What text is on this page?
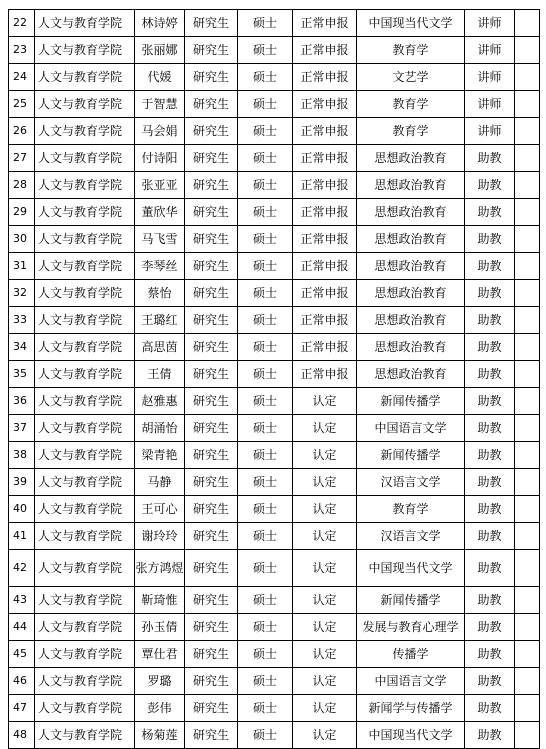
22	人文与教育学院	林诗婷	研究生	硕士	正常申报	中国现当代文学	讲师	
23	人文与教育学院	张丽娜	研究生	硕士	正常申报	教育学	讲师	
24	人文与教育学院	代媛	研究生	硕士	正常申报	文艺学	讲师	
25	人文与教育学院	于智慧	研究生	硕士	正常申报	教育学	讲师	
26	人文与教育学院	马会娟	研究生	硕士	正常申报	教育学	讲师	
27	人文与教育学院	付诗阳	研究生	硕士	正常申报	思想政治教育	助教	
28	人文与教育学院	张亚亚	研究生	硕士	正常申报	思想政治教育	助教	
29	人文与教育学院	董欣华	研究生	硕士	正常申报	思想政治教育	助教	
30	人文与教育学院	马飞雪	研究生	硕士	正常申报	思想政治教育	助教	
31	人文与教育学院	李琴丝	研究生	硕士	正常申报	思想政治教育	助教	
32	人文与教育学院	蔡怡	研究生	硕士	正常申报	思想政治教育	助教	
33	人文与教育学院	王璐红	研究生	硕士	正常申报	思想政治教育	助教	
34	人文与教育学院	高思茵	研究生	硕士	正常申报	思想政治教育	助教	
35	人文与教育学院	王倩	研究生	硕士	正常申报	思想政治教育	助教	
36	人文与教育学院	赵雅惠	研究生	硕士	认定	新闻传播学	助教	
37	人文与教育学院	胡涌怡	研究生	硕士	认定	中国语言文学	助教	
38	人文与教育学院	梁青艳	研究生	硕士	认定	新闻传播学	助教	
39	人文与教育学院	马静	研究生	硕士	认定	汉语言文学	助教	
40	人文与教育学院	王可心	研究生	硕士	认定	教育学	助教	
41	人文与教育学院	谢玲玲	研究生	硕士	认定	汉语言文学	助教	
42	人文与教育学院	张方鸿煜	研究生	硕士	认定	中国现当代文学	助教	
43	人文与教育学院	靳琦惟	研究生	硕士	认定	新闻传播学	助教	
44	人文与教育学院	孙玉倩	研究生	硕士	认定	发展与教育心理学	助教	
45	人文与教育学院	覃仕君	研究生	硕士	认定	传播学	助教	
46	人文与教育学院	罗璐	研究生	硕士	认定	中国语言文学	助教	
47	人文与教育学院	彭伟	研究生	硕士	认定	新闻学与传播学	助教	
48	人文与教育学院	杨菊莲	研究生	硕士	认定	中国现当代文学	助教	
